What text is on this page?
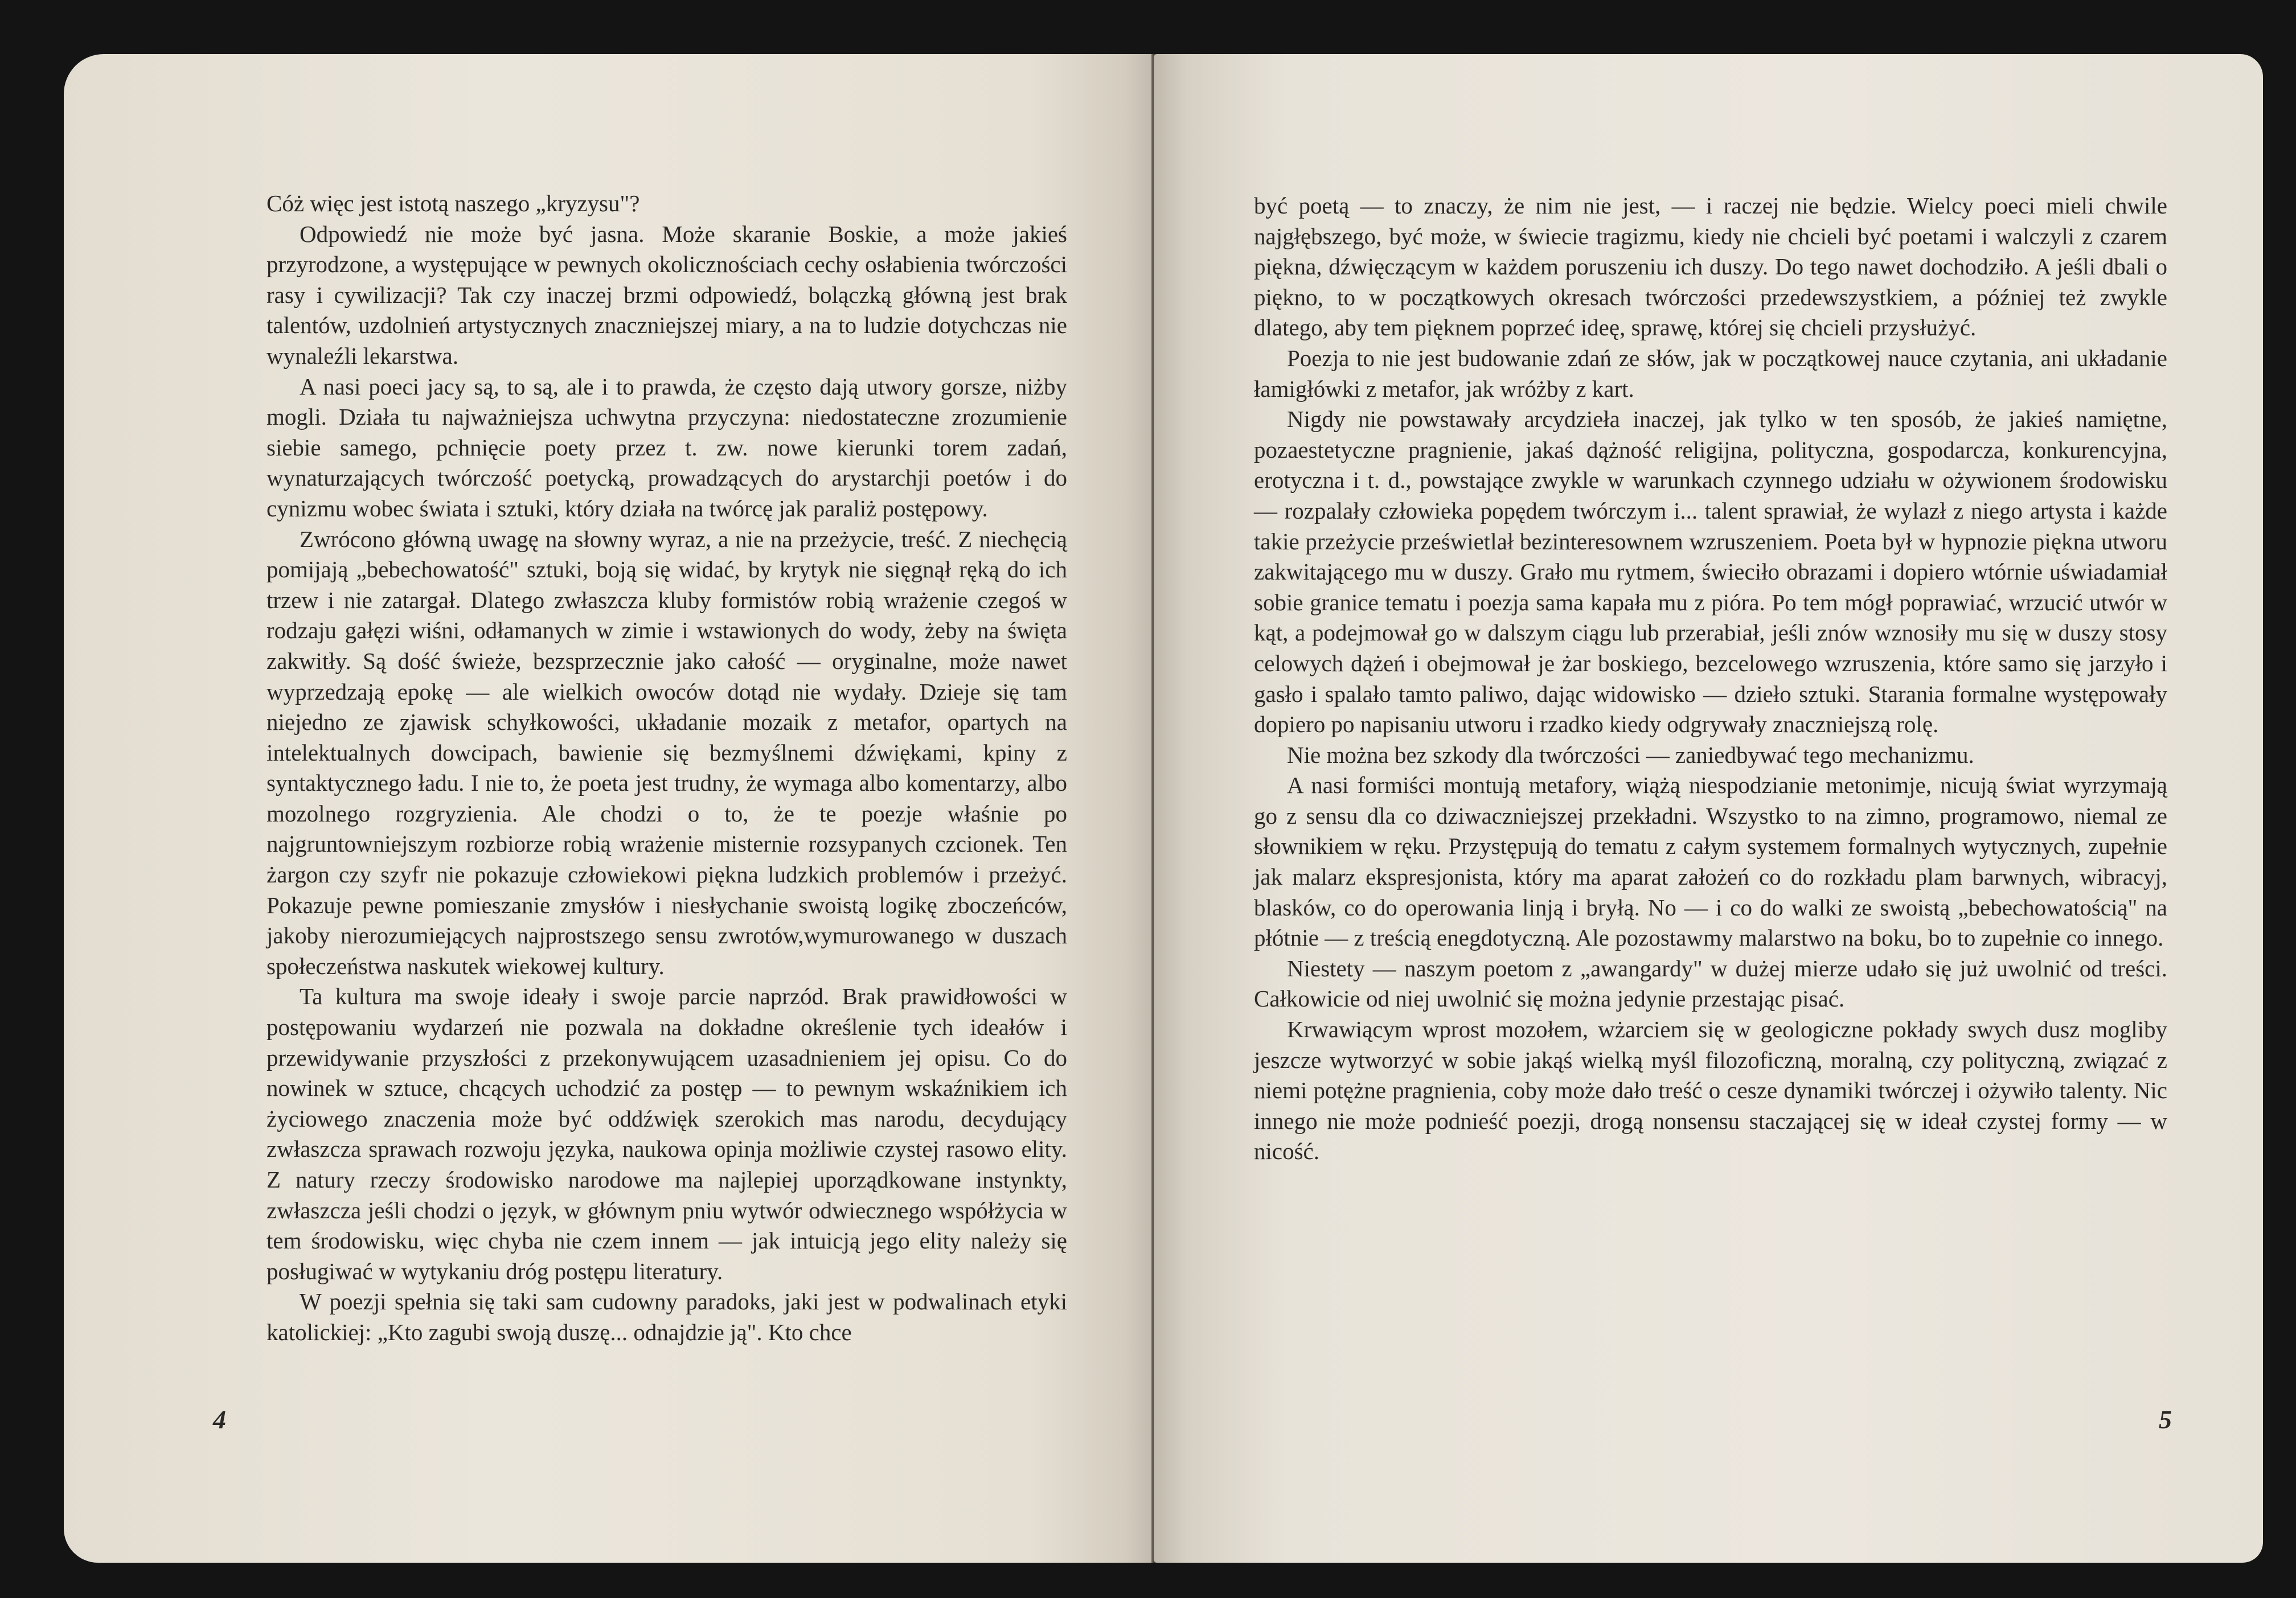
Cóż więc jest istotą naszego „kryzysu"?

Odpowiedź nie może być jasna. Może skaranie Boskie, a może jakieś przyrodzone, a występujące w pewnych okolicznościach cechy osłabienia twórczości rasy i cywilizacji? Tak czy inaczej brzmi odpowiedź, bolączką główną jest brak talentów, uzdolnień artystycznych znaczniejszej miary, a na to ludzie dotychczas nie wynaleźli lekarstwa.

A nasi poeci jacy są, to są, ale i to prawda, że często dają utwory gorsze, niżby mogli. Działa tu najważniejsza uchwytna przyczyna: niedostateczne zrozumienie siebie samego, pchnięcie poety przez t. zw. nowe kierunki torem zadań, wynaturzających twórczość poetycką, prowadzących do arystarchji poetów i do cynizmu wobec świata i sztuki, który działa na twórcę jak paraliż postępowy.

Zwrócono główną uwagę na słowny wyraz, a nie na przeżycie, treść. Z niechęcią pomijają „bebechowatość" sztuki, boją się widać, by krytyk nie sięgnął ręką do ich trzew i nie zatargał. Dlatego zwłaszcza kluby formistów robią wrażenie czegoś w rodzaju gałęzi wiśni, odłamanych w zimie i wstawionych do wody, żeby na święta zakwitły. Są dość świeże, bezsprzecznie jako całość — oryginalne, może nawet wyprzedzają epokę — ale wielkich owoców dotąd nie wydały. Dzieje się tam niejedno ze zjawisk schyłkowości, układanie mozaik z metafor, opartych na intelektualnych dowcipach, bawienie się bezmyślnemi dźwiękami, kpiny z syntaktycznego ładu. I nie to, że poeta jest trudny, że wymaga albo komentarzy, albo mozolnego rozgryzienia. Ale chodzi o to, że te poezje właśnie po najgruntowniejszym rozbiorze robią wrażenie misternie rozsypanych czcionek. Ten żargon czy szyfr nie pokazuje człowiekowi piękna ludzkich problemów i przeżyć. Pokazuje pewne pomieszanie zmysłów i niesłychanie swoistą logikę zboczeńców, jakoby nierozumiejących najprostszego sensu zwrotów,wymurowanego w duszach społeczeństwa naskutek wiekowej kultury.

Ta kultura ma swoje ideały i swoje parcie naprzód. Brak prawidłowości w postępowaniu wydarzeń nie pozwala na dokładne określenie tych ideałów i przewidywanie przyszłości z przekonywującem uzasadnieniem jej opisu. Co do nowinek w sztuce, chcących uchodzić za postęp — to pewnym wskaźnikiem ich życiowego znaczenia może być oddźwięk szerokich mas narodu, decydujący zwłaszcza sprawach rozwoju języka, naukowa opinja możliwie czystej rasowo elity. Z natury rzeczy środowisko narodowe ma najlepiej uporządkowane instynkty, zwłaszcza jeśli chodzi o język, w głównym pniu wytwór odwiecznego współżycia w tem środowisku, więc chyba nie czem innem — jak intuicją jego elity należy się posługiwać w wytykaniu dróg postępu literatury.

W poezji spełnia się taki sam cudowny paradoks, jaki jest w podwalinach etyki katolickiej: „Kto zagubi swoją duszę... odnajdzie ją". Kto chce

4

być poetą — to znaczy, że nim nie jest, — i raczej nie będzie. Wielcy poeci mieli chwile najgłębszego, być może, w świecie tragizmu, kiedy nie chcieli być poetami i walczyli z czarem piękna, dźwięczącym w każdem poruszeniu ich duszy. Do tego nawet dochodziło. A jeśli dbali o piękno, to w początkowych okresach twórczości przedewszystkiem, a później też zwykle dlatego, aby tem pięknem poprzeć ideę, sprawę, której się chcieli przysłużyć.

Poezja to nie jest budowanie zdań ze słów, jak w początkowej nauce czytania, ani układanie łamigłówki z metafor, jak wróżby z kart.

Nigdy nie powstawały arcydzieła inaczej, jak tylko w ten sposób, że jakieś namiętne, pozaestetyczne pragnienie, jakaś dążność religijna, polityczna, gospodarcza, konkurencyjna, erotyczna i t. d., powstające zwykle w warunkach czynnego udziału w ożywionem środowisku — rozpalały człowieka popędem twórczym i... talent sprawiał, że wylazł z niego artysta i każde takie przeżycie prześwietlał bezinteresownem wzruszeniem. Poeta był w hypnozie piękna utworu zakwitającego mu w duszy. Grało mu rytmem, świeciło obrazami i dopiero wtórnie uświadamiał sobie granice tematu i poezja sama kapała mu z pióra. Po tem mógł poprawiać, wrzucić utwór w kąt, a podejmował go w dalszym ciągu lub przerabiał, jeśli znów wznosiły mu się w duszy stosy celowych dążeń i obejmował je żar boskiego, bezcelowego wzruszenia, które samo się jarzyło i gasło i spalało tamto paliwo, dając widowisko — dzieło sztuki. Starania formalne występowały dopiero po napisaniu utworu i rzadko kiedy odgrywały znaczniejszą rolę.

Nie można bez szkody dla twórczości — zaniedbywać tego mechanizmu.

A nasi formiści montują metafory, wiążą niespodzianie metonimje, nicują świat wyrzymają go z sensu dla co dziwaczniejszej przekładni. Wszystko to na zimno, programowo, niemal ze słownikiem w ręku. Przystępują do tematu z całym systemem formalnych wytycznych, zupełnie jak malarz ekspresjonista, który ma aparat założeń co do rozkładu plam barwnych, wibracyj, blasków, co do operowania linją i bryłą. No — i co do walki ze swoistą „bebechowatością" na płótnie — z treścią enegdotyczną. Ale pozostawmy malarstwo na boku, bo to zupełnie co innego.

Niestety — naszym poetom z „awangardy" w dużej mierze udało się już uwolnić od treści. Całkowicie od niej uwolnić się można jedynie przestając pisać.

Krwawiącym wprost mozołem, wżarciem się w geologiczne pokłady swych dusz mogliby jeszcze wytworzyć w sobie jakąś wielką myśl filozoficzną, moralną, czy polityczną, związać z niemi potężne pragnienia, coby może dało treść o cesze dynamiki twórczej i ożywiło talenty. Nic innego nie może podnieść poezji, drogą nonsensu staczającej się w ideał czystej formy — w nicość.

5
